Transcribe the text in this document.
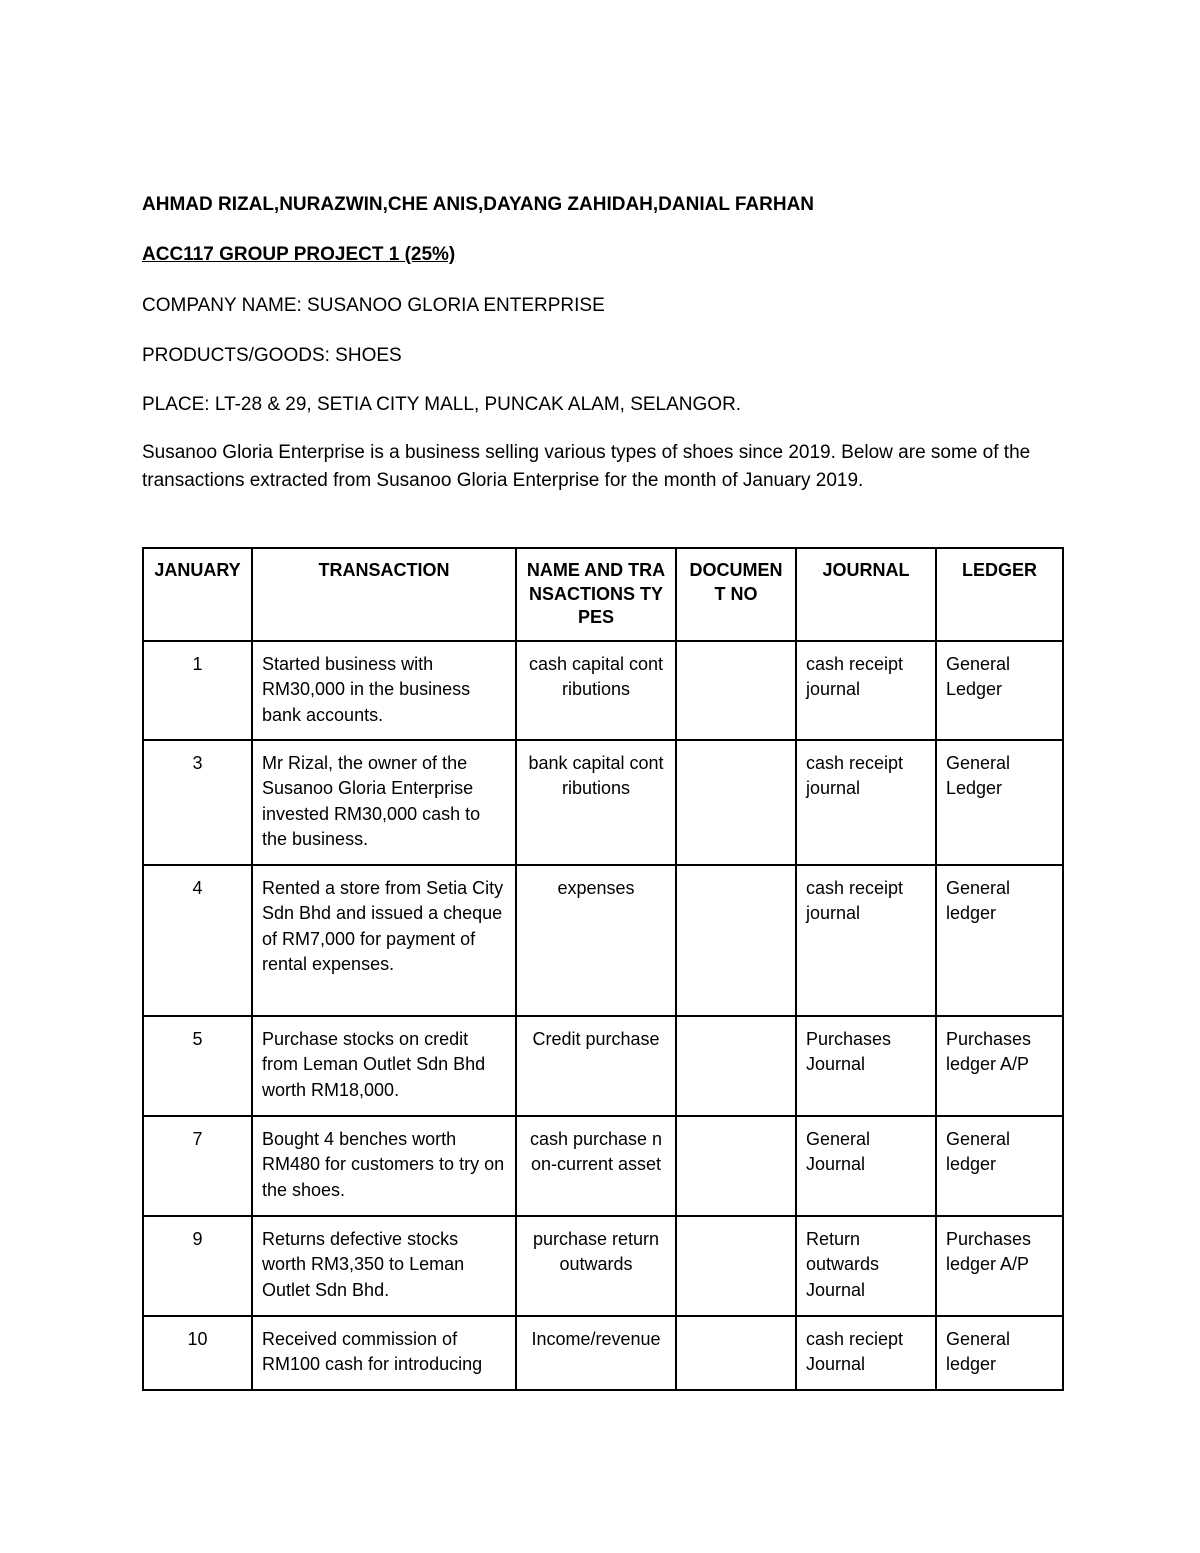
AHMAD RIZAL,NURAZWIN,CHE ANIS,DAYANG ZAHIDAH,DANIAL FARHAN
ACC117 GROUP PROJECT 1 (25%)
COMPANY NAME: SUSANOO GLORIA ENTERPRISE
PRODUCTS/GOODS: SHOES
PLACE: LT-28 & 29, SETIA CITY MALL, PUNCAK ALAM, SELANGOR.
Susanoo Gloria Enterprise is a business selling various types of shoes since 2019. Below are some of the transactions extracted from Susanoo Gloria Enterprise for the month of January 2019.
JANUARY	TRANSACTION	NAME AND TRANSACTIONS TYPES	DOCUMENT NO	JOURNAL	LEDGER
1	Started business with RM30,000 in the business bank accounts.	cash capital contributions		cash receipt journal	General Ledger
3	Mr Rizal, the owner of the Susanoo Gloria Enterprise invested RM30,000 cash to the business.	bank capital contributions		cash receipt journal	General Ledger
4	Rented a store from Setia City Sdn Bhd and issued a cheque of RM7,000 for payment of rental expenses.	expenses		cash receipt journal	General ledger
5	Purchase stocks on credit from Leman Outlet Sdn Bhd worth RM18,000.	Credit purchase		Purchases Journal	Purchases ledger A/P
7	Bought 4 benches worth RM480 for customers to try on the shoes.	cash purchase non-current asset		General Journal	General ledger
9	Returns defective stocks worth RM3,350 to Leman Outlet Sdn Bhd.	purchase return outwards		Return outwards Journal	Purchases ledger A/P
10	Received commission of RM100 cash for introducing	Income/revenue		cash reciept Journal	General ledger
